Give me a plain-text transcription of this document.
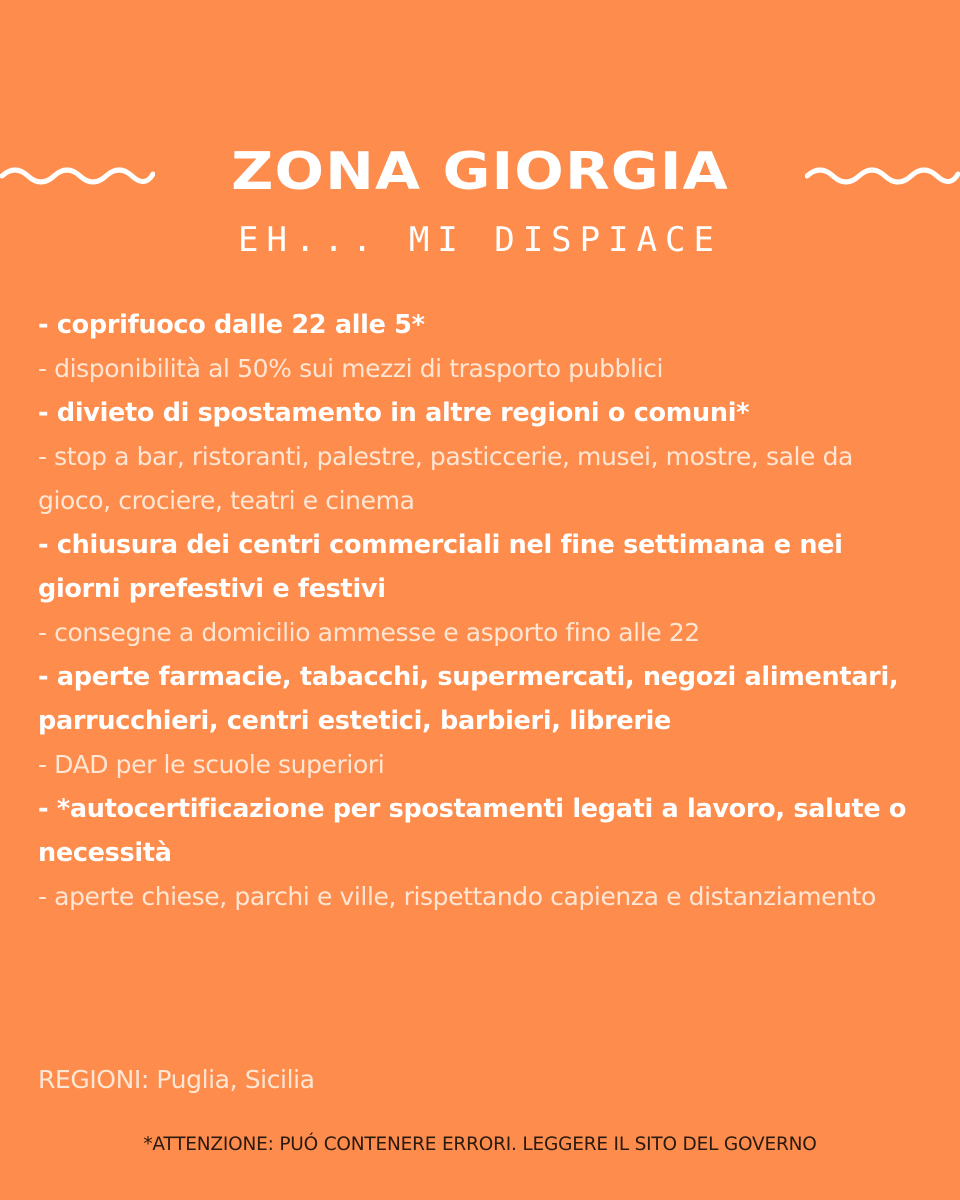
ZONA GIORGIA
EH... MI DISPIACE
- coprifuoco dalle 22 alle 5*
- disponibilità al 50% sui mezzi di trasporto pubblici
- divieto di spostamento in altre regioni o comuni*
- stop a bar, ristoranti, palestre, pasticcerie, musei, mostre, sale da gioco, crociere, teatri e cinema
- chiusura dei centri commerciali nel fine settimana e nei giorni prefestivi e festivi
- consegne a domicilio ammesse e asporto fino alle 22
- aperte farmacie, tabacchi, supermercati, negozi alimentari, parrucchieri, centri estetici, barbieri, librerie
- DAD per le scuole superiori
- *autocertificazione per spostamenti legati a lavoro, salute o necessità
- aperte chiese, parchi e ville, rispettando capienza e distanziamento
REGIONI: Puglia, Sicilia
*ATTENZIONE: PUÓ CONTENERE ERRORI. LEGGERE IL SITO DEL GOVERNO
